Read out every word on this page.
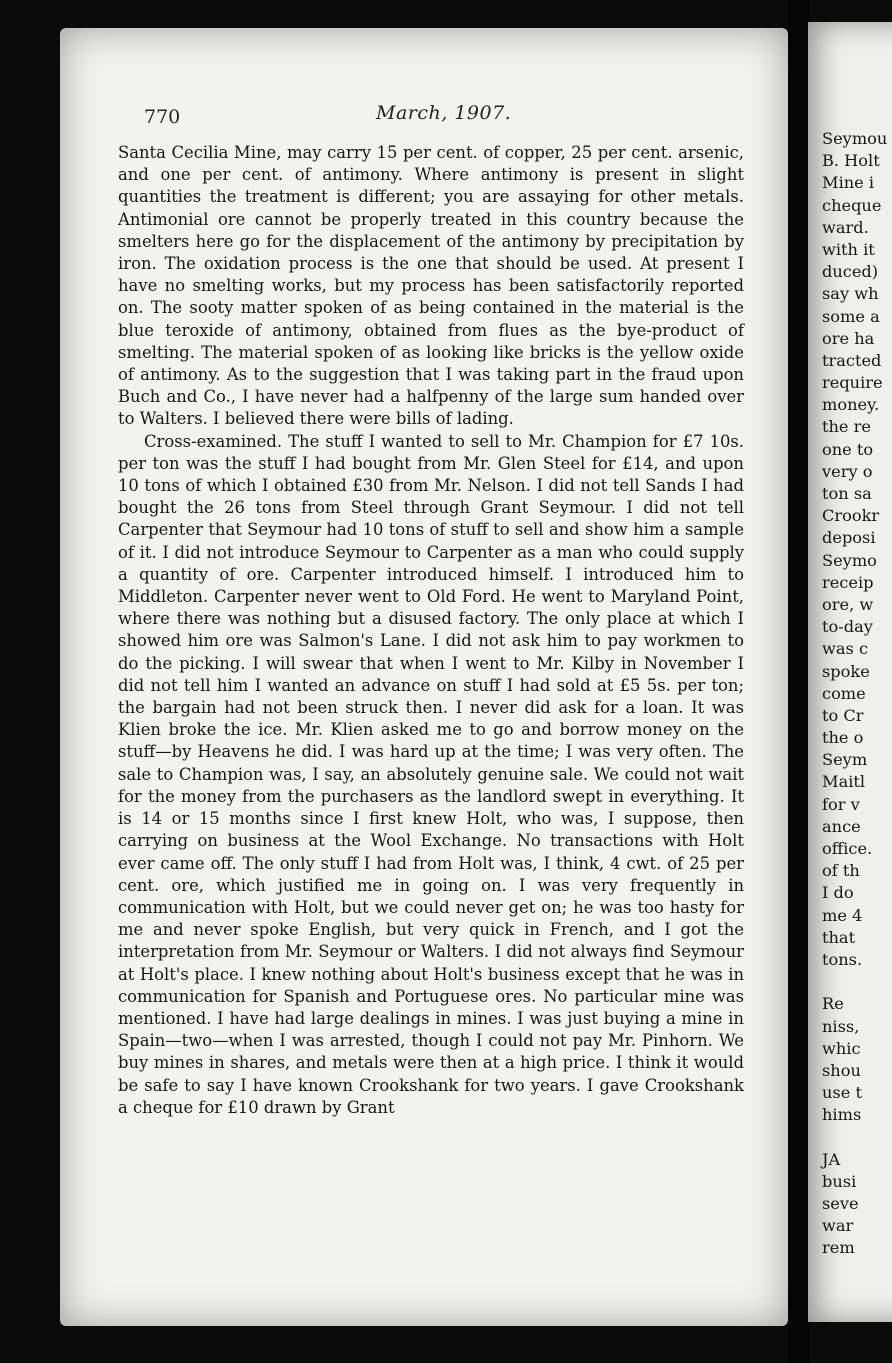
770	March, 1907.

Santa Cecilia Mine, may carry 15 per cent. of copper, 25 per cent. arsenic, and one per cent. of antimony. Where antimony is present in slight quantities the treatment is different; you are assaying for other metals. Antimonial ore cannot be properly treated in this country because the smelters here go for the displacement of the antimony by precipitation by iron. The oxidation process is the one that should be used. At present I have no smelting works, but my process has been satisfactorily reported on. The sooty matter spoken of as being contained in the material is the blue teroxide of antimony, obtained from flues as the bye-product of smelting. The material spoken of as looking like bricks is the yellow oxide of antimony. As to the suggestion that I was taking part in the fraud upon Buch and Co., I have never had a halfpenny of the large sum handed over to Walters. I believed there were bills of lading.

Cross-examined. The stuff I wanted to sell to Mr. Champion for £7 10s. per ton was the stuff I had bought from Mr. Glen Steel for £14, and upon 10 tons of which I obtained £30 from Mr. Nelson. I did not tell Sands I had bought the 26 tons from Steel through Grant Seymour. I did not tell Carpenter that Seymour had 10 tons of stuff to sell and show him a sample of it. I did not introduce Seymour to Carpenter as a man who could supply a quantity of ore. Carpenter introduced himself. I introduced him to Middleton. Carpenter never went to Old Ford. He went to Maryland Point, where there was nothing but a disused factory. The only place at which I showed him ore was Salmon's Lane. I did not ask him to pay workmen to do the picking. I will swear that when I went to Mr. Kilby in November I did not tell him I wanted an advance on stuff I had sold at £5 5s. per ton; the bargain had not been struck then. I never did ask for a loan. It was Klien broke the ice. Mr. Klien asked me to go and borrow money on the stuff—by Heavens he did. I was hard up at the time; I was very often. The sale to Champion was, I say, an absolutely genuine sale. We could not wait for the money from the purchasers as the landlord swept in everything. It is 14 or 15 months since I first knew Holt, who was, I suppose, then carrying on business at the Wool Exchange. No transactions with Holt ever came off. The only stuff I had from Holt was, I think, 4 cwt. of 25 per cent. ore, which justified me in going on. I was very frequently in communication with Holt, but we could never get on; he was too hasty for me and never spoke English, but very quick in French, and I got the interpretation from Mr. Seymour or Walters. I did not always find Seymour at Holt's place. I knew nothing about Holt's business except that he was in communication for Spanish and Portuguese ores. No particular mine was mentioned. I have had large dealings in mines. I was just buying a mine in Spain—two—when I was arrested, though I could not pay Mr. Pinhorn. We buy mines in shares, and metals were then at a high price. I think it would be safe to say I have known Crookshank for two years. I gave Crookshank a cheque for £10 drawn by Grant

Seymou
B. Holt
Mine i
cheque
ward.
with it
duced)
say wh
some a
ore ha
tracted
require
money.
the re
one to
very o
ton sa
Crookr
deposi
Seymo
receip
ore, w
to-day
was c
spoke
come
to Cr
the o
Seym
Maitl
for v
ance
office.
of th
I do
me 4
that
tons.
Re
niss,
whic
shou
use t
hims
JA
busi
seve
war
rem
